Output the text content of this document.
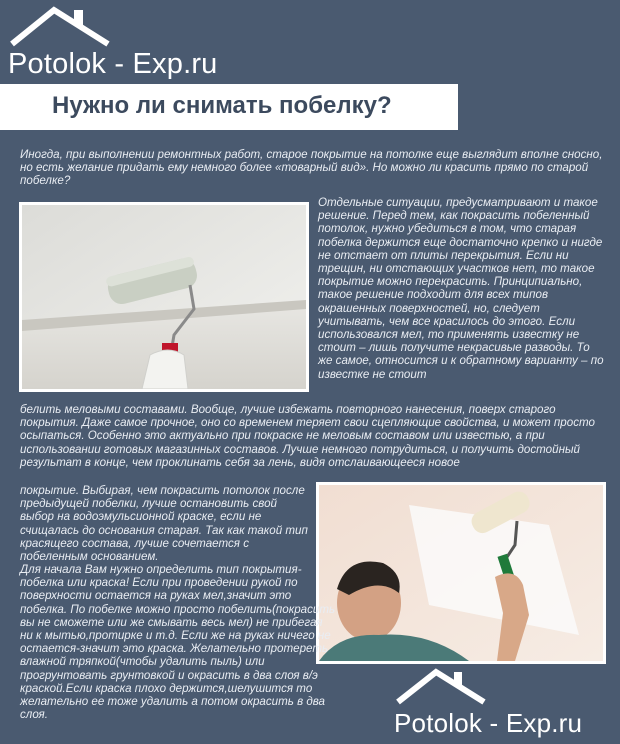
Potolok - Exp.ru
Нужно ли снимать побелку?
Иногда, при выполнении ремонтных работ, старое покрытие на потолке еще выглядит вполне сносно, но есть желание придать ему немного более «товарный вид». Но можно ли красить прямо по старой побелке?
Отдельные ситуации, предусматривают и такое решение. Перед тем, как покрасить побеленный потолок, нужно убедиться в том, что старая побелка держится еще достаточно крепко и нигде не отстает от плиты перекрытия. Если ни трещин, ни отстающих участков нет, то такое покрытие можно перекрасить. Принципиально, такое решение подходит для всех типов окрашенных поверхностей, но, следует учитывать, чем все красилось до этого. Если использовался мел, то применять известку не стоит – лишь получите некрасивые разводы. То же самое, относится и к обратному варианту – по известке не стоит
белить меловыми составами. Вообще, лучше избежать повторного нанесения, поверх старого покрытия. Даже самое прочное, оно со временем теряет свои сцепляющие свойства, и может просто осыпаться. Особенно это актуально при покраске не меловым составом или известью, а при использовании готовых магазинных составов. Лучше немного потрудиться, и получить достойный результат в конце, чем проклинать себя за лень, видя отслаивающееся новое
покрытие. Выбирая, чем покрасить потолок после предыдущей побелки, лучше остановить свой выбор на водоэмульсионной краске, если не счищалась до основания старая. Так как такой тип красящего состава, лучше сочетается с побеленным основанием.
Для начала Вам нужно определить тип покрытия-побелка или краска! Если при проведении рукой по поверхности остается на руках мел,значит это побелка. По побелке можно просто побелить(покрасить вы не сможете или же смывать весь мел) не прибегая ни к мытью,протирке и т.д. Если же на руках ничего не остается-значит это краска. Желательно протереть влажной тряпкой(чтобы удалить пыль) или прогрунтовать грунтовкой и окрасить в два слоя в/э краской.Если краска плохо держится,шелушится то желательно ее тоже удалить а потом окрасить в два слоя.	Potolok - Exp.ru
